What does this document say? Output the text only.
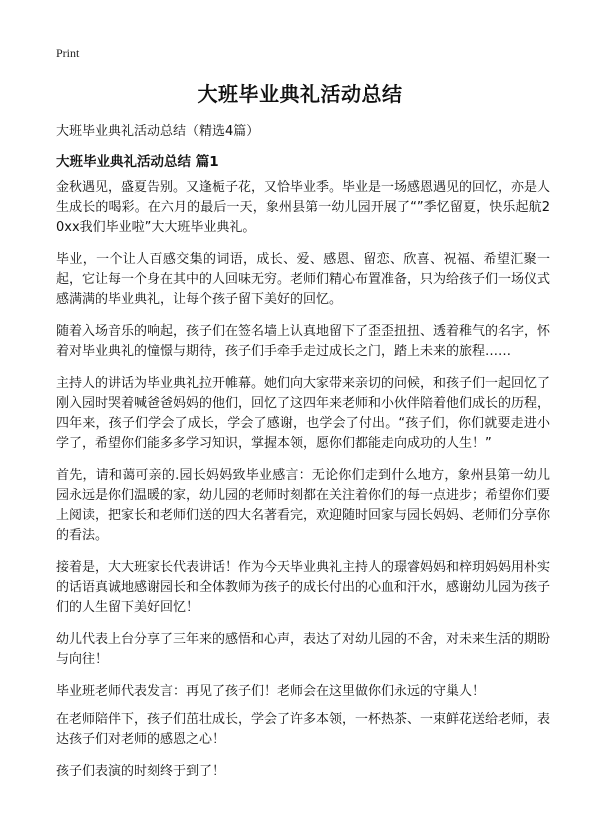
Print
大班毕业典礼活动总结
大班毕业典礼活动总结（精选4篇）
大班毕业典礼活动总结 篇1

金秋遇见，盛夏告别。又逢栀子花，又恰毕业季。毕业是一场感恩遇见的回忆，亦是人生成长的喝彩。在六月的最后一天，象州县第一幼儿园开展了“”季忆留夏，快乐起航20xx我们毕业啦”大大班毕业典礼。

毕业，一个让人百感交集的词语，成长、爱、感恩、留恋、欣喜、祝福、希望汇聚一起，它让每一个身在其中的人回味无穷。老师们精心布置准备，只为给孩子们一场仪式感满满的毕业典礼，让每个孩子留下美好的回忆。

随着入场音乐的响起，孩子们在签名墙上认真地留下了歪歪扭扭、透着稚气的名字，怀着对毕业典礼的憧憬与期待，孩子们手牵手走过成长之门，踏上未来的旅程……

主持人的讲话为毕业典礼拉开帷幕。她们向大家带来亲切的问候，和孩子们一起回忆了刚入园时哭着喊爸爸妈妈的他们，回忆了这四年来老师和小伙伴陪着他们成长的历程，四年来，孩子们学会了成长，学会了感谢，也学会了付出。“孩子们，你们就要走进小学了，希望你们能多多学习知识，掌握本领，愿你们都能走向成功的人生！”

首先，请和蔼可亲的.园长妈妈致毕业感言：无论你们走到什么地方，象州县第一幼儿园永远是你们温暖的家，幼儿园的老师时刻都在关注着你们的每一点进步；希望你们要上阅读，把家长和老师们送的四大名著看完，欢迎随时回家与园长妈妈、老师们分享你的看法。

接着是，大大班家长代表讲话！作为今天毕业典礼主持人的璟睿妈妈和梓玥妈妈用朴实的话语真诚地感谢园长和全体教师为孩子的成长付出的心血和汗水，感谢幼儿园为孩子们的人生留下美好回忆！

幼儿代表上台分享了三年来的感悟和心声，表达了对幼儿园的不舍，对未来生活的期盼与向往！

毕业班老师代表发言：再见了孩子们！老师会在这里做你们永远的守巢人！

在老师陪伴下，孩子们茁壮成长，学会了许多本领，一杯热茶、一束鲜花送给老师，表达孩子们对老师的感恩之心！

孩子们表演的时刻终于到了！
